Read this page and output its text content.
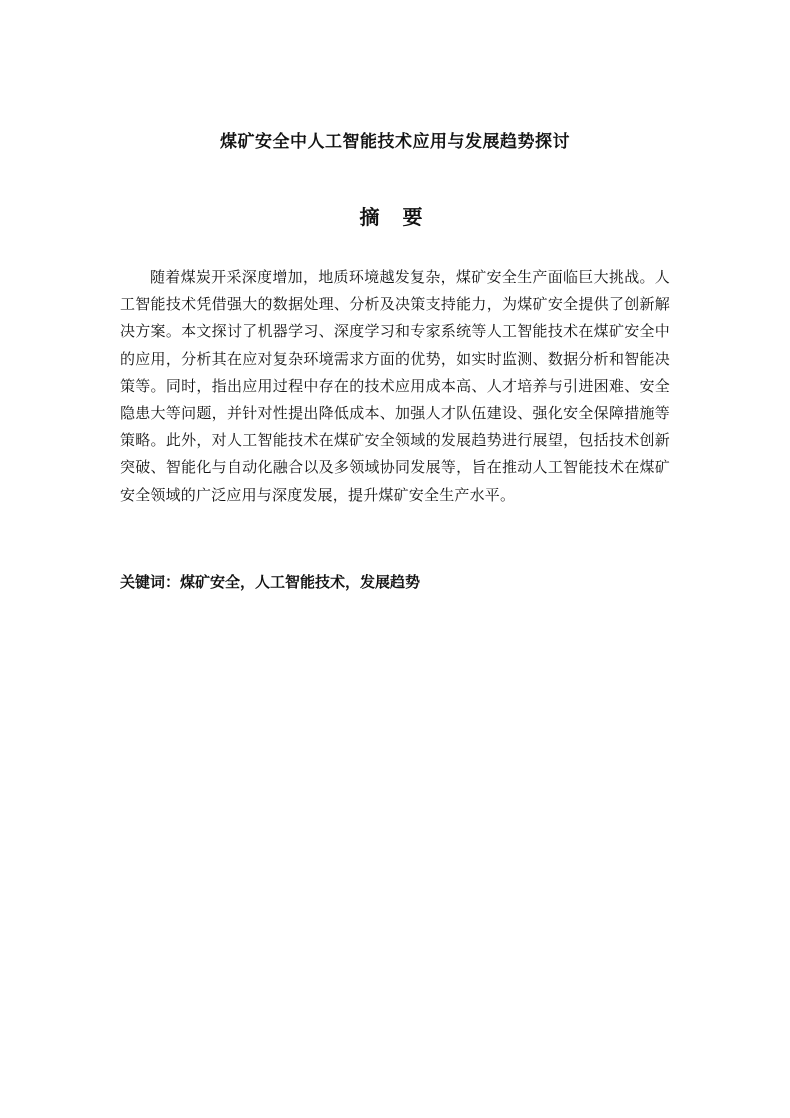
煤矿安全中人工智能技术应用与发展趋势探讨
摘 要

随着煤炭开采深度增加，地质环境越发复杂，煤矿安全生产面临巨大挑战。人工智能技术凭借强大的数据处理、分析及决策支持能力，为煤矿安全提供了创新解决方案。本文探讨了机器学习、深度学习和专家系统等人工智能技术在煤矿安全中的应用，分析其在应对复杂环境需求方面的优势，如实时监测、数据分析和智能决策等。同时，指出应用过程中存在的技术应用成本高、人才培养与引进困难、安全隐患大等问题，并针对性提出降低成本、加强人才队伍建设、强化安全保障措施等策略。此外，对人工智能技术在煤矿安全领域的发展趋势进行展望，包括技术创新突破、智能化与自动化融合以及多领域协同发展等，旨在推动人工智能技术在煤矿安全领域的广泛应用与深度发展，提升煤矿安全生产水平。

关键词：煤矿安全，人工智能技术，发展趋势
